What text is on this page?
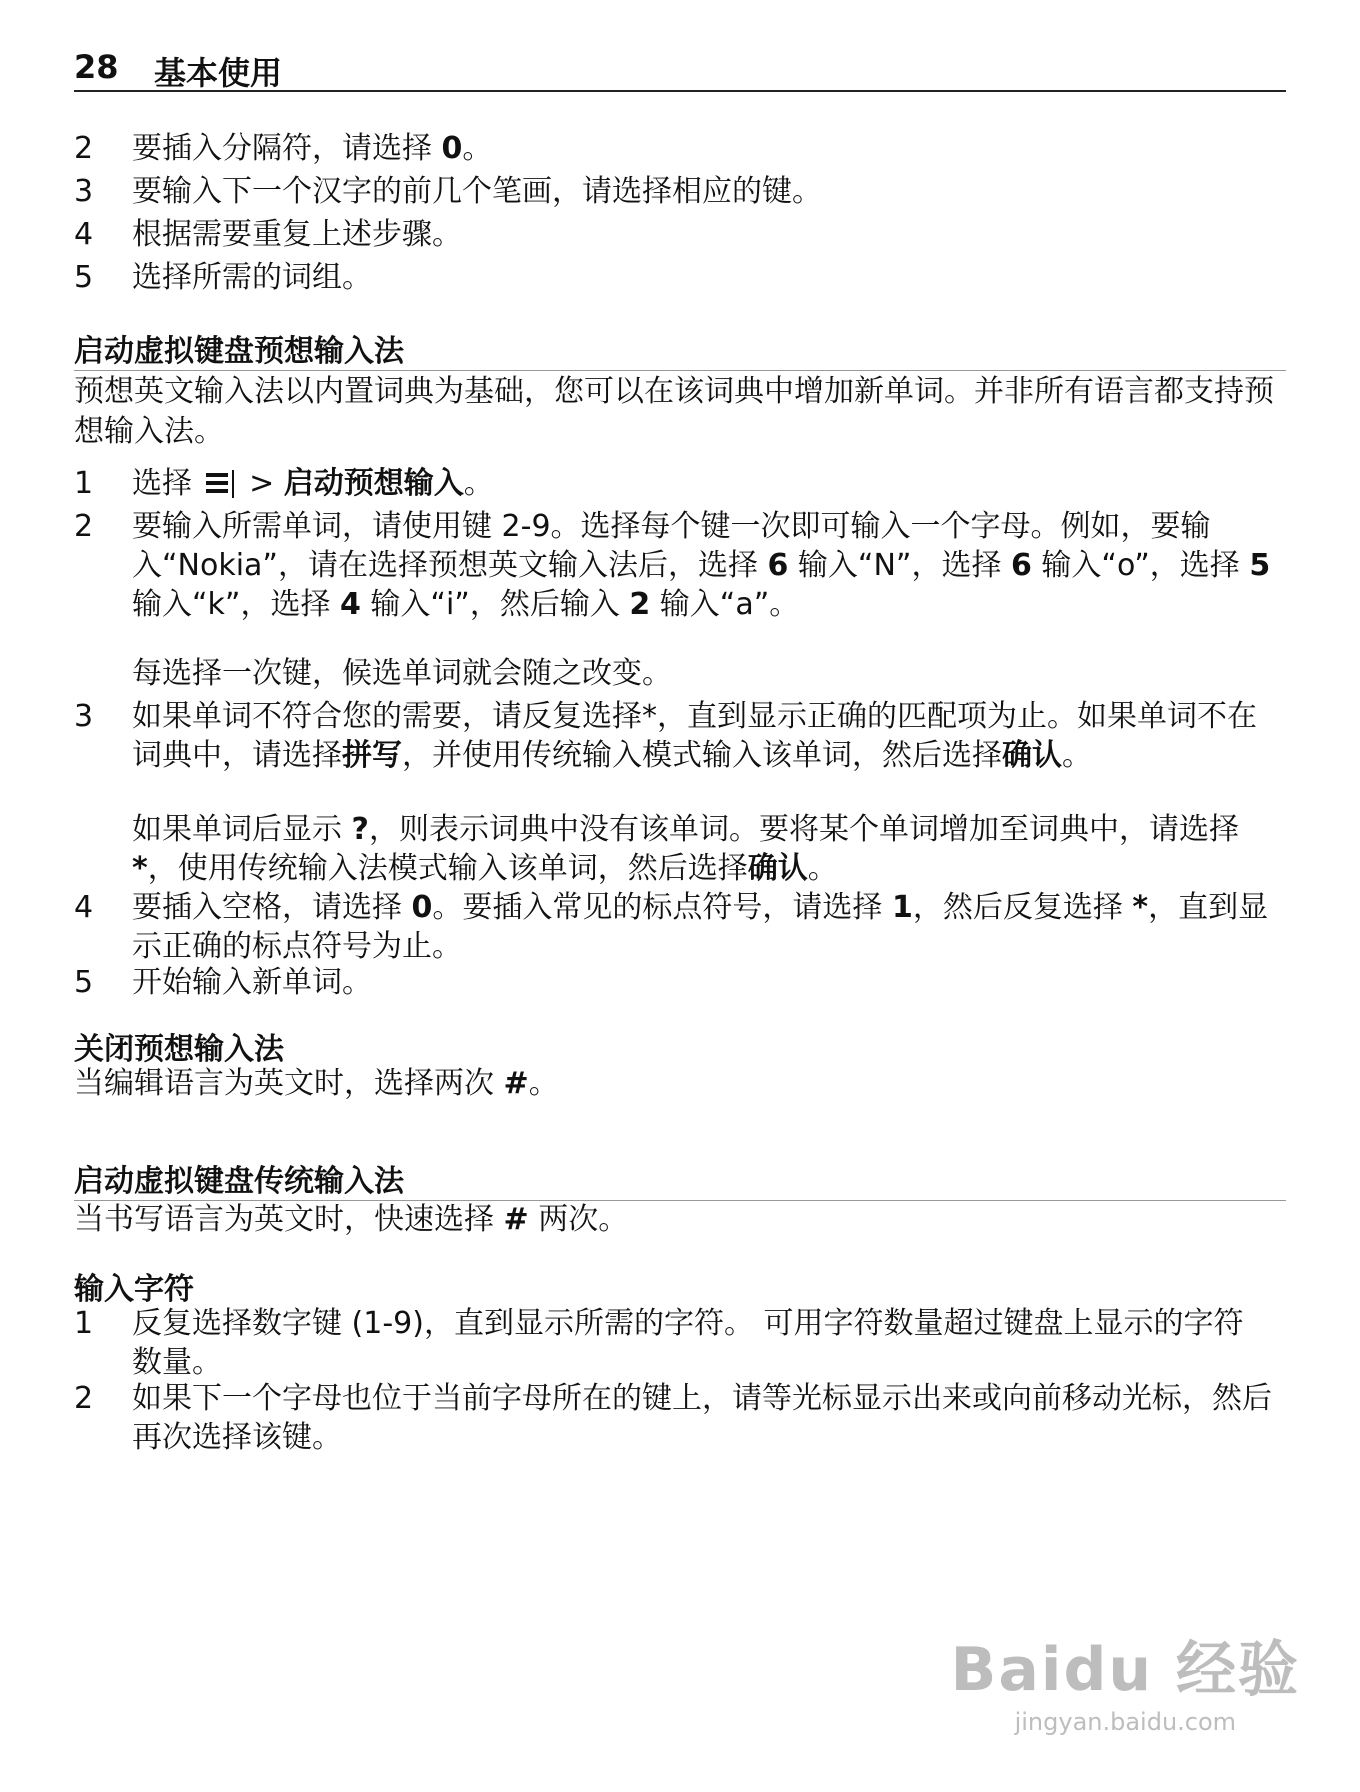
28 基本使用
2	要插入分隔符，请选择 0。
3	要输入下一个汉字的前几个笔画，请选择相应的键。
4	根据需要重复上述步骤。
5	选择所需的词组。
启动虚拟键盘预想输入法
预想英文输入法以内置词典为基础，您可以在该词典中增加新单词。并非所有语言都支持预想输入法。
1	选择
> 启动预想输入。
2	要输入所需单词，请使用键 2-9。选择每个键一次即可输入一个字母。例如，要输入“Nokia”，请在选择预想英文输入法后，选择 6 输入“N”，选择 6 输入“o”，选择 5 输入“k”，选择 4 输入“i”，然后输入 2 输入“a”。
每选择一次键，候选单词就会随之改变。
3	如果单词不符合您的需要，请反复选择*，直到显示正确的匹配项为止。如果单词不在词典中，请选择拼写，并使用传统输入模式输入该单词，然后选择确认。
如果单词后显示 ?，则表示词典中没有该单词。要将某个单词增加至词典中，请选择 *，使用传统输入法模式输入该单词，然后选择确认。
4	要插入空格，请选择 0。要插入常见的标点符号，请选择 1，然后反复选择 *，直到显示正确的标点符号为止。
5	开始输入新单词。
关闭预想输入法
当编辑语言为英文时，选择两次 #。
启动虚拟键盘传统输入法
当书写语言为英文时，快速选择 # 两次。
输入字符
1	反复选择数字键 (1-9)，直到显示所需的字符。 可用字符数量超过键盘上显示的字符数量。
2	如果下一个字母也位于当前字母所在的键上，请等光标显示出来或向前移动光标，然后再次选择该键。
Baidu 经验
jingyan.baidu.com
